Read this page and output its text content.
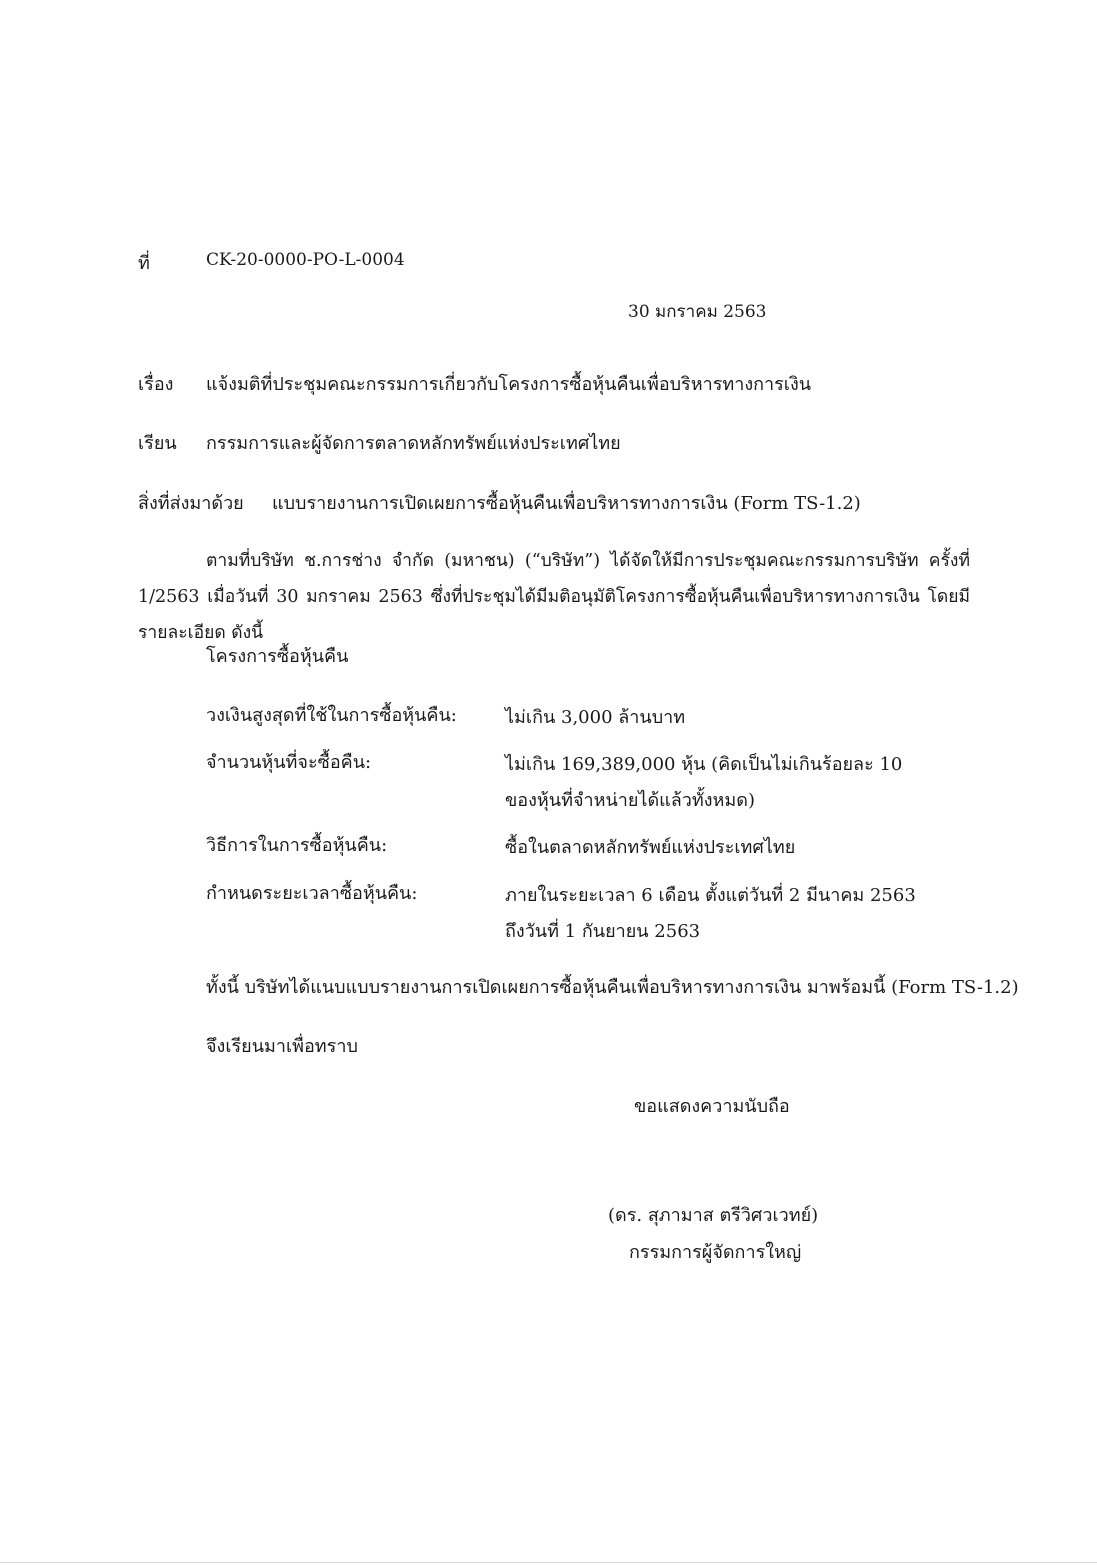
ที่	CK-20-0000-PO-L-0004
30 มกราคม 2563
เรื่อง แจ้งมติที่ประชุมคณะกรรมการเกี่ยวกับโครงการซื้อหุ้นคืนเพื่อบริหารทางการเงิน
เรียน กรรมการและผู้จัดการตลาดหลักทรัพย์แห่งประเทศไทย
สิ่งที่ส่งมาด้วย แบบรายงานการเปิดเผยการซื้อหุ้นคืนเพื่อบริหารทางการเงิน (Form TS-1.2)
ตามที่บริษัท ช.การช่าง จำกัด (มหาชน) (“บริษัท”) ได้จัดให้มีการประชุมคณะกรรมการบริษัท ครั้งที่ 1/2563 เมื่อวันที่ 30 มกราคม 2563 ซึ่งที่ประชุมได้มีมติอนุมัติโครงการซื้อหุ้นคืนเพื่อบริหารทางการเงิน โดยมีรายละเอียด ดังนี้
โครงการซื้อหุ้นคืน
วงเงินสูงสุดที่ใช้ในการซื้อหุ้นคืน:	ไม่เกิน 3,000 ล้านบาท
จำนวนหุ้นที่จะซื้อคืน:	ไม่เกิน 169,389,000 หุ้น (คิดเป็นไม่เกินร้อยละ 10
ของหุ้นที่จำหน่ายได้แล้วทั้งหมด)
วิธีการในการซื้อหุ้นคืน:	ซื้อในตลาดหลักทรัพย์แห่งประเทศไทย
กำหนดระยะเวลาซื้อหุ้นคืน:	ภายในระยะเวลา 6 เดือน ตั้งแต่วันที่ 2 มีนาคม 2563
ถึงวันที่ 1 กันยายน 2563
ทั้งนี้ บริษัทได้แนบแบบรายงานการเปิดเผยการซื้อหุ้นคืนเพื่อบริหารทางการเงิน มาพร้อมนี้ (Form TS-1.2)
จึงเรียนมาเพื่อทราบ
ขอแสดงความนับถือ
(ดร. สุภามาส ตรีวิศวเวทย์)
กรรมการผู้จัดการใหญ่
